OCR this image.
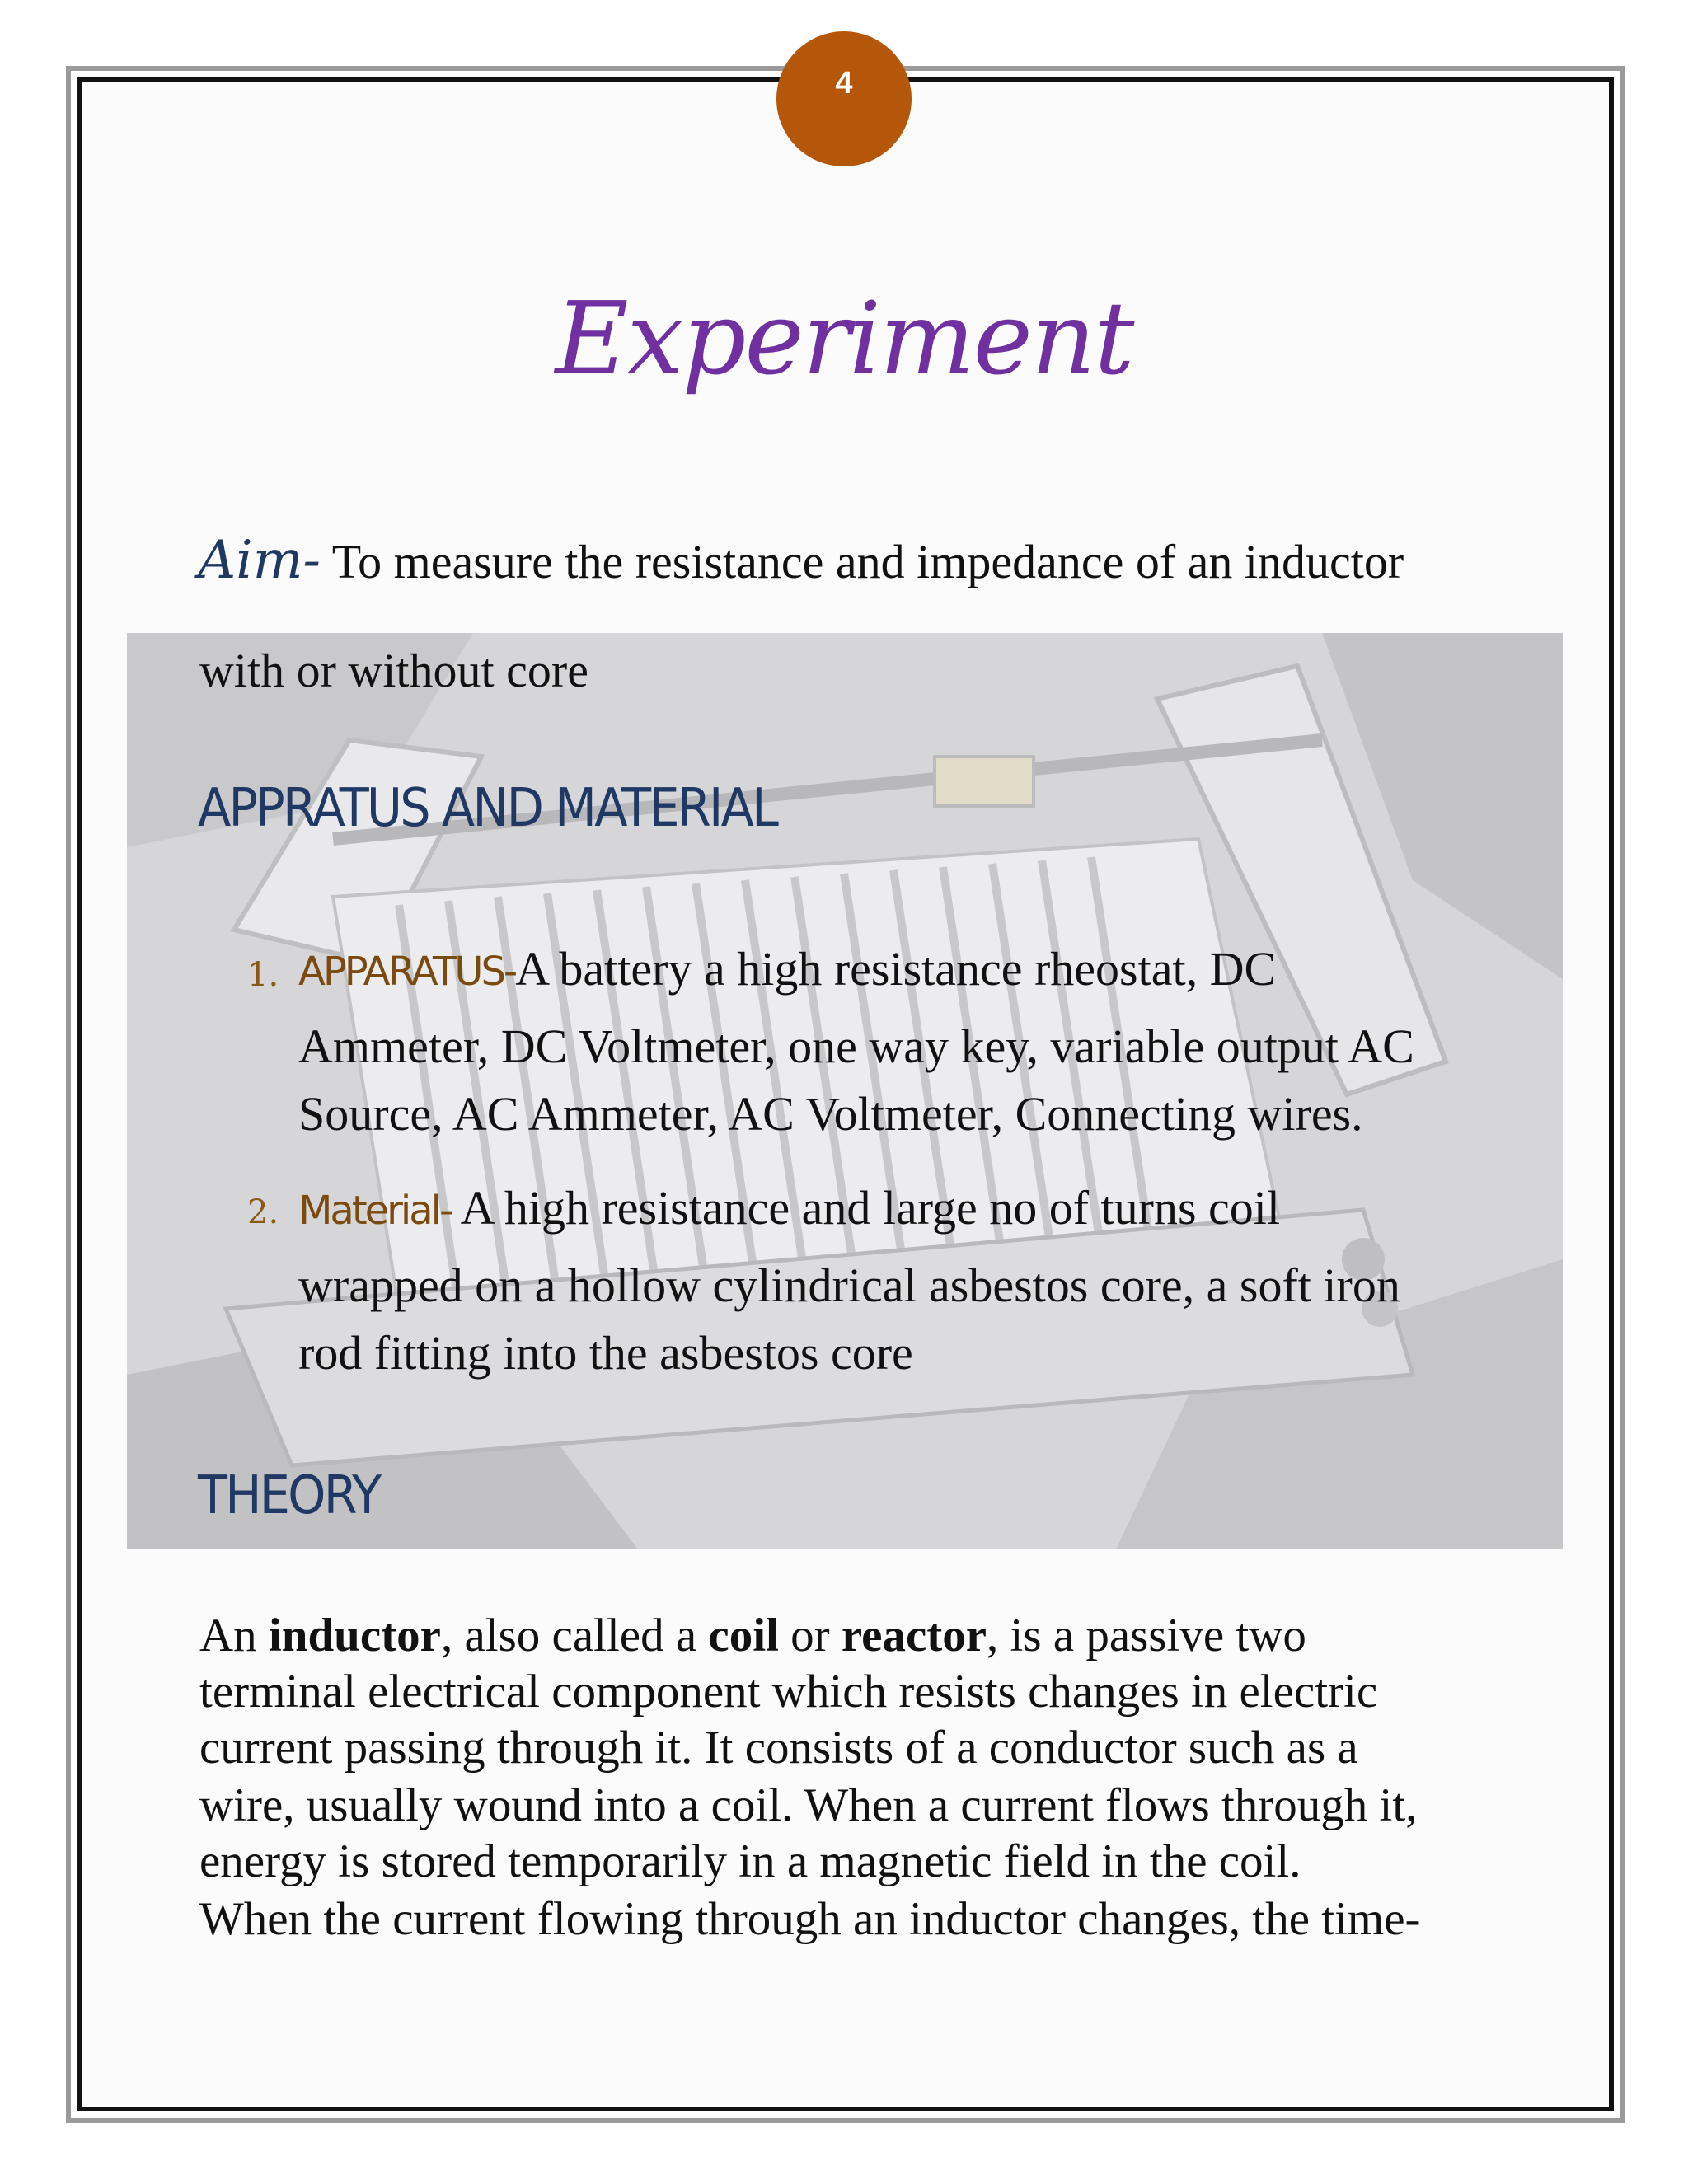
4
Experiment
Aim- To measure the resistance and impedance of an inductor
with or without core
APPRATUS AND MATERIAL
1. APPARATUS-A battery a high resistance rheostat, DC
Ammeter, DC Voltmeter, one way key, variable output AC
Source, AC Ammeter, AC Voltmeter, Connecting wires.
2. Material- A high resistance and large no of turns coil
wrapped on a hollow cylindrical asbestos core, a soft iron
rod fitting into the asbestos core
THEORY
An inductor, also called a coil or reactor, is a passive two
terminal electrical component which resists changes in electric
current passing through it. It consists of a conductor such as a
wire, usually wound into a coil. When a current flows through it,
energy is stored temporarily in a magnetic field in the coil.
When the current flowing through an inductor changes, the time-
